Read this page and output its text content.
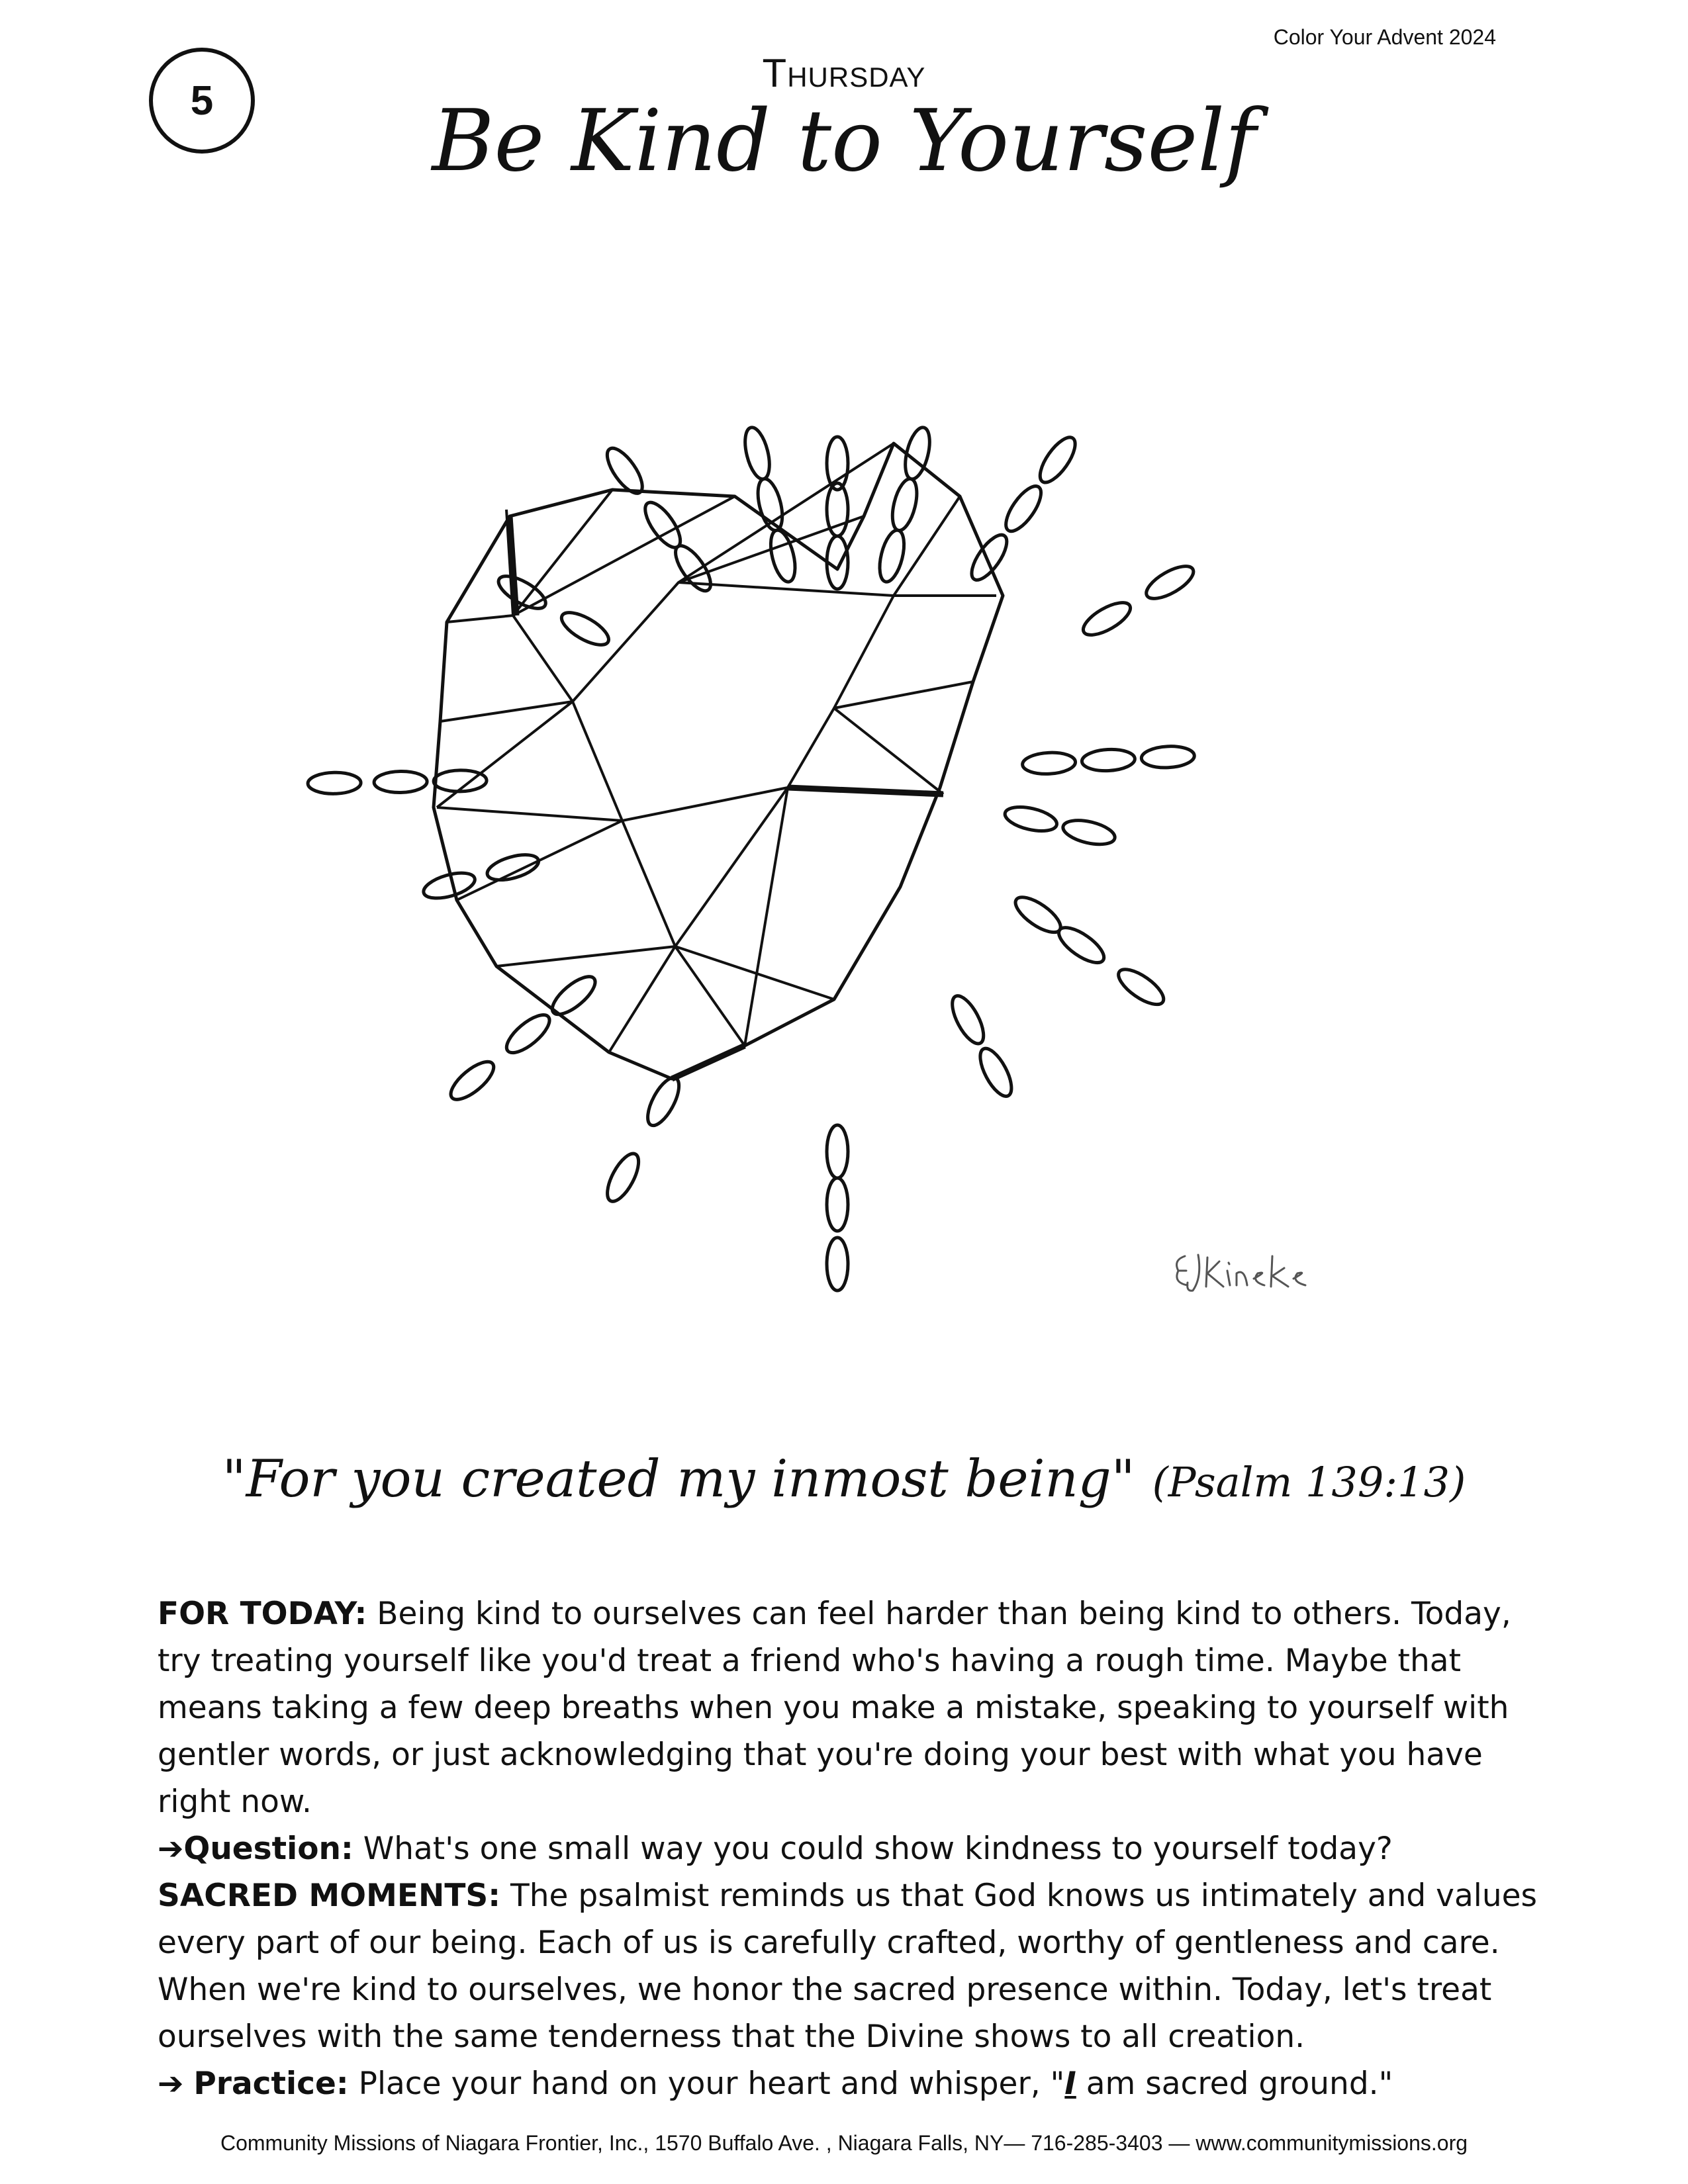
Color Your Advent 2024
5
Thursday
Be Kind to Yourself
"For you created my inmost being" (Psalm 139:13)

FOR TODAY: Being kind to ourselves can feel harder than being kind to others. Today, try treating yourself like you'd treat a friend who's having a rough time. Maybe that means taking a few deep breaths when you make a mistake, speaking to yourself with gentler words, or just acknowledging that you're doing your best with what you have right now.

➔Question: What's one small way you could show kindness to yourself today?

SACRED MOMENTS: The psalmist reminds us that God knows us intimately and values every part of our being. Each of us is carefully crafted, worthy of gentleness and care. When we're kind to ourselves, we honor the sacred presence within. Today, let's treat ourselves with the same tenderness that the Divine shows to all creation.

➔ Practice: Place your hand on your heart and whisper, "I am sacred ground."

Community Missions of Niagara Frontier, Inc., 1570 Buffalo Ave. , Niagara Falls, NY— 716-285-3403 — www.communitymissions.org
